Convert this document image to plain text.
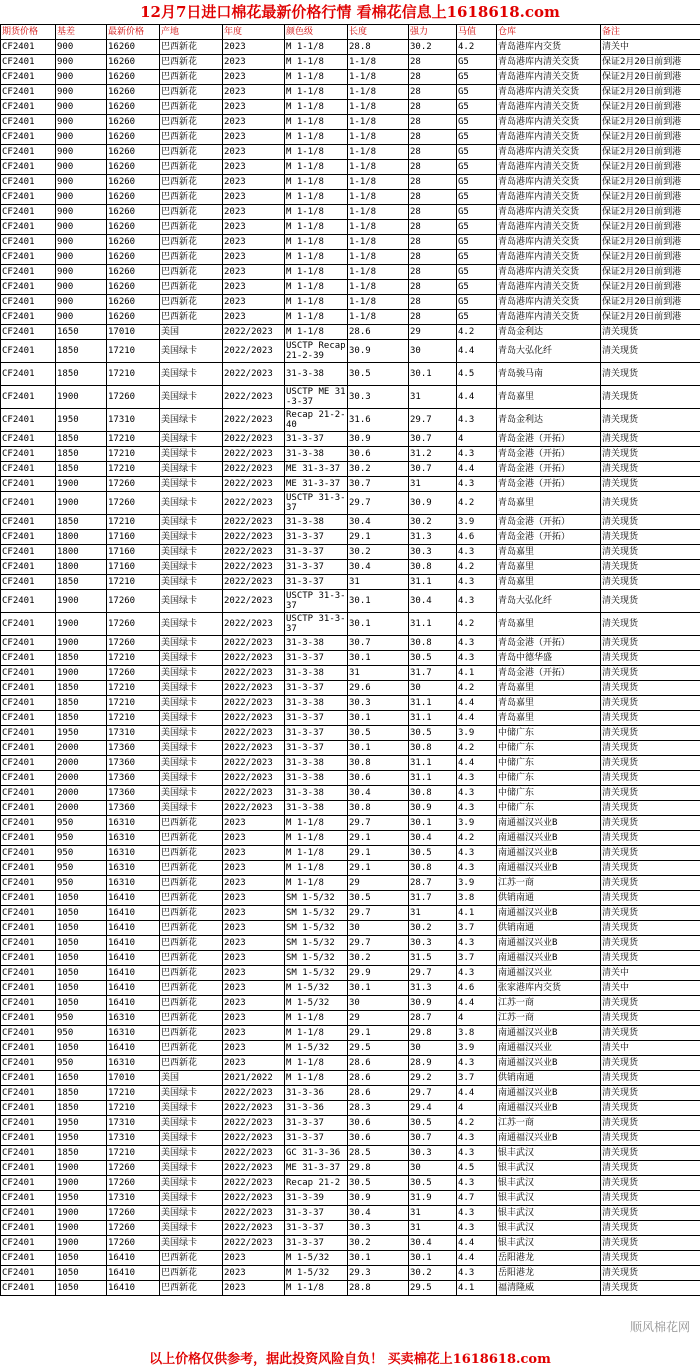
12月7日进口棉花最新价格行情 看棉花信息上1618618.com
期货价格	基差	最新价格	产地	年度	颜色级	长度	强力	马值	仓库	备注
CF2401	900	16260	巴西新花	2023	M 1-1/8	28.8	30.2	4.2	青岛港库内交货	清关中
CF2401	900	16260	巴西新花	2023	M 1-1/8	1-1/8	28	G5	青岛港库内清关交货	保证2月20日前到港
CF2401	900	16260	巴西新花	2023	M 1-1/8	1-1/8	28	G5	青岛港库内清关交货	保证2月20日前到港
CF2401	900	16260	巴西新花	2023	M 1-1/8	1-1/8	28	G5	青岛港库内清关交货	保证2月20日前到港
CF2401	900	16260	巴西新花	2023	M 1-1/8	1-1/8	28	G5	青岛港库内清关交货	保证2月20日前到港
CF2401	900	16260	巴西新花	2023	M 1-1/8	1-1/8	28	G5	青岛港库内清关交货	保证2月20日前到港
CF2401	900	16260	巴西新花	2023	M 1-1/8	1-1/8	28	G5	青岛港库内清关交货	保证2月20日前到港
CF2401	900	16260	巴西新花	2023	M 1-1/8	1-1/8	28	G5	青岛港库内清关交货	保证2月20日前到港
CF2401	900	16260	巴西新花	2023	M 1-1/8	1-1/8	28	G5	青岛港库内清关交货	保证2月20日前到港
CF2401	900	16260	巴西新花	2023	M 1-1/8	1-1/8	28	G5	青岛港库内清关交货	保证2月20日前到港
CF2401	900	16260	巴西新花	2023	M 1-1/8	1-1/8	28	G5	青岛港库内清关交货	保证2月20日前到港
CF2401	900	16260	巴西新花	2023	M 1-1/8	1-1/8	28	G5	青岛港库内清关交货	保证2月20日前到港
CF2401	900	16260	巴西新花	2023	M 1-1/8	1-1/8	28	G5	青岛港库内清关交货	保证2月20日前到港
CF2401	900	16260	巴西新花	2023	M 1-1/8	1-1/8	28	G5	青岛港库内清关交货	保证2月20日前到港
CF2401	900	16260	巴西新花	2023	M 1-1/8	1-1/8	28	G5	青岛港库内清关交货	保证2月20日前到港
CF2401	900	16260	巴西新花	2023	M 1-1/8	1-1/8	28	G5	青岛港库内清关交货	保证2月20日前到港
CF2401	900	16260	巴西新花	2023	M 1-1/8	1-1/8	28	G5	青岛港库内清关交货	保证2月20日前到港
CF2401	900	16260	巴西新花	2023	M 1-1/8	1-1/8	28	G5	青岛港库内清关交货	保证2月20日前到港
CF2401	900	16260	巴西新花	2023	M 1-1/8	1-1/8	28	G5	青岛港库内清关交货	保证2月20日前到港
CF2401	1650	17010	美国	2022/2023	M 1-1/8	28.6	29	4.2	青岛金利达	清关现货
CF2401	1850	17210	美国绿卡	2022/2023	USCTP Recap 21-2-39	30.9	30	4.4	青岛大弘化纤	清关现货
CF2401	1850	17210	美国绿卡	2022/2023	31-3-38	30.5	30.1	4.5	青岛骏马南	清关现货
CF2401	1900	17260	美国绿卡	2022/2023	USCTP ME 31-3-37	30.3	31	4.4	青岛嘉里	清关现货
CF2401	1950	17310	美国绿卡	2022/2023	Recap 21-2-40	31.6	29.7	4.3	青岛金利达	清关现货
CF2401	1850	17210	美国绿卡	2022/2023	31-3-37	30.9	30.7	4	青岛金港（开拓）	清关现货
CF2401	1850	17210	美国绿卡	2022/2023	31-3-38	30.6	31.2	4.3	青岛金港（开拓）	清关现货
CF2401	1850	17210	美国绿卡	2022/2023	ME 31-3-37	30.2	30.7	4.4	青岛金港（开拓）	清关现货
CF2401	1900	17260	美国绿卡	2022/2023	ME 31-3-37	30.7	31	4.3	青岛金港（开拓）	清关现货
CF2401	1900	17260	美国绿卡	2022/2023	USCTP 31-3-37	29.7	30.9	4.2	青岛嘉里	清关现货
CF2401	1850	17210	美国绿卡	2022/2023	31-3-38	30.4	30.2	3.9	青岛金港（开拓）	清关现货
CF2401	1800	17160	美国绿卡	2022/2023	31-3-37	29.1	31.3	4.6	青岛金港（开拓）	清关现货
CF2401	1800	17160	美国绿卡	2022/2023	31-3-37	30.2	30.3	4.3	青岛嘉里	清关现货
CF2401	1800	17160	美国绿卡	2022/2023	31-3-37	30.4	30.8	4.2	青岛嘉里	清关现货
CF2401	1850	17210	美国绿卡	2022/2023	31-3-37	31	31.1	4.3	青岛嘉里	清关现货
CF2401	1900	17260	美国绿卡	2022/2023	USCTP 31-3-37	30.1	30.4	4.3	青岛大弘化纤	清关现货
CF2401	1900	17260	美国绿卡	2022/2023	USCTP 31-3-37	30.1	31.1	4.2	青岛嘉里	清关现货
CF2401	1900	17260	美国绿卡	2022/2023	31-3-38	30.7	30.8	4.3	青岛金港（开拓）	清关现货
CF2401	1850	17210	美国绿卡	2022/2023	31-3-37	30.1	30.5	4.3	青岛中德华盛	清关现货
CF2401	1900	17260	美国绿卡	2022/2023	31-3-38	31	31.7	4.1	青岛金港（开拓）	清关现货
CF2401	1850	17210	美国绿卡	2022/2023	31-3-37	29.6	30	4.2	青岛嘉里	清关现货
CF2401	1850	17210	美国绿卡	2022/2023	31-3-38	30.3	31.1	4.4	青岛嘉里	清关现货
CF2401	1850	17210	美国绿卡	2022/2023	31-3-37	30.1	31.1	4.4	青岛嘉里	清关现货
CF2401	1950	17310	美国绿卡	2022/2023	31-3-37	30.5	30.5	3.9	中储广东	清关现货
CF2401	2000	17360	美国绿卡	2022/2023	31-3-37	30.1	30.8	4.2	中储广东	清关现货
CF2401	2000	17360	美国绿卡	2022/2023	31-3-38	30.8	31.1	4.4	中储广东	清关现货
CF2401	2000	17360	美国绿卡	2022/2023	31-3-38	30.6	31.1	4.3	中储广东	清关现货
CF2401	2000	17360	美国绿卡	2022/2023	31-3-38	30.4	30.8	4.3	中储广东	清关现货
CF2401	2000	17360	美国绿卡	2022/2023	31-3-38	30.8	30.9	4.3	中储广东	清关现货
CF2401	950	16310	巴西新花	2023	M 1-1/8	29.7	30.1	3.9	南通福汉兴业B	清关现货
CF2401	950	16310	巴西新花	2023	M 1-1/8	29.1	30.4	4.2	南通福汉兴业B	清关现货
CF2401	950	16310	巴西新花	2023	M 1-1/8	29.1	30.5	4.3	南通福汉兴业B	清关现货
CF2401	950	16310	巴西新花	2023	M 1-1/8	29.1	30.8	4.3	南通福汉兴业B	清关现货
CF2401	950	16310	巴西新花	2023	M 1-1/8	29	28.7	3.9	江苏一商	清关现货
CF2401	1050	16410	巴西新花	2023	SM 1-5/32	30.5	31.7	3.8	供销南通	清关现货
CF2401	1050	16410	巴西新花	2023	SM 1-5/32	29.7	31	4.1	南通福汉兴业B	清关现货
CF2401	1050	16410	巴西新花	2023	SM 1-5/32	30	30.2	3.7	供销南通	清关现货
CF2401	1050	16410	巴西新花	2023	SM 1-5/32	29.7	30.3	4.3	南通福汉兴业B	清关现货
CF2401	1050	16410	巴西新花	2023	SM 1-5/32	30.2	31.5	3.7	南通福汉兴业B	清关现货
CF2401	1050	16410	巴西新花	2023	SM 1-5/32	29.9	29.7	4.3	南通福汉兴业	清关中
CF2401	1050	16410	巴西新花	2023	M 1-5/32	30.1	31.3	4.6	张家港库内交货	清关中
CF2401	1050	16410	巴西新花	2023	M 1-5/32	30	30.9	4.4	江苏一商	清关现货
CF2401	950	16310	巴西新花	2023	M 1-1/8	29	28.7	4	江苏一商	清关现货
CF2401	950	16310	巴西新花	2023	M 1-1/8	29.1	29.8	3.8	南通福汉兴业B	清关现货
CF2401	1050	16410	巴西新花	2023	M 1-5/32	29.5	30	3.9	南通福汉兴业	清关中
CF2401	950	16310	巴西新花	2023	M 1-1/8	28.6	28.9	4.3	南通福汉兴业B	清关现货
CF2401	1650	17010	美国	2021/2022	M 1-1/8	28.6	29.2	3.7	供销南通	清关现货
CF2401	1850	17210	美国绿卡	2022/2023	31-3-36	28.6	29.7	4.4	南通福汉兴业B	清关现货
CF2401	1850	17210	美国绿卡	2022/2023	31-3-36	28.3	29.4	4	南通福汉兴业B	清关现货
CF2401	1950	17310	美国绿卡	2022/2023	31-3-37	30.6	30.5	4.2	江苏一商	清关现货
CF2401	1950	17310	美国绿卡	2022/2023	31-3-37	30.6	30.7	4.3	南通福汉兴业B	清关现货
CF2401	1850	17210	美国绿卡	2022/2023	GC 31-3-36	28.5	30.3	4.3	银丰武汉	清关现货
CF2401	1900	17260	美国绿卡	2022/2023	ME 31-3-37	29.8	30	4.5	银丰武汉	清关现货
CF2401	1900	17260	美国绿卡	2022/2023	Recap 21-2	30.5	30.5	4.3	银丰武汉	清关现货
CF2401	1950	17310	美国绿卡	2022/2023	31-3-39	30.9	31.9	4.7	银丰武汉	清关现货
CF2401	1900	17260	美国绿卡	2022/2023	31-3-37	30.4	31	4.3	银丰武汉	清关现货
CF2401	1900	17260	美国绿卡	2022/2023	31-3-37	30.3	31	4.3	银丰武汉	清关现货
CF2401	1900	17260	美国绿卡	2022/2023	31-3-37	30.2	30.4	4.4	银丰武汉	清关现货
CF2401	1050	16410	巴西新花	2023	M 1-5/32	30.1	30.1	4.4	岳阳港龙	清关现货
CF2401	1050	16410	巴西新花	2023	M 1-5/32	29.3	30.2	4.3	岳阳港龙	清关现货
CF2401	1050	16410	巴西新花	2023	M 1-1/8	28.8	29.5	4.1	福清隆威	清关现货
以上价格仅供参考，据此投资风险自负！ 买卖棉花上1618618.com
顺风棉花网
